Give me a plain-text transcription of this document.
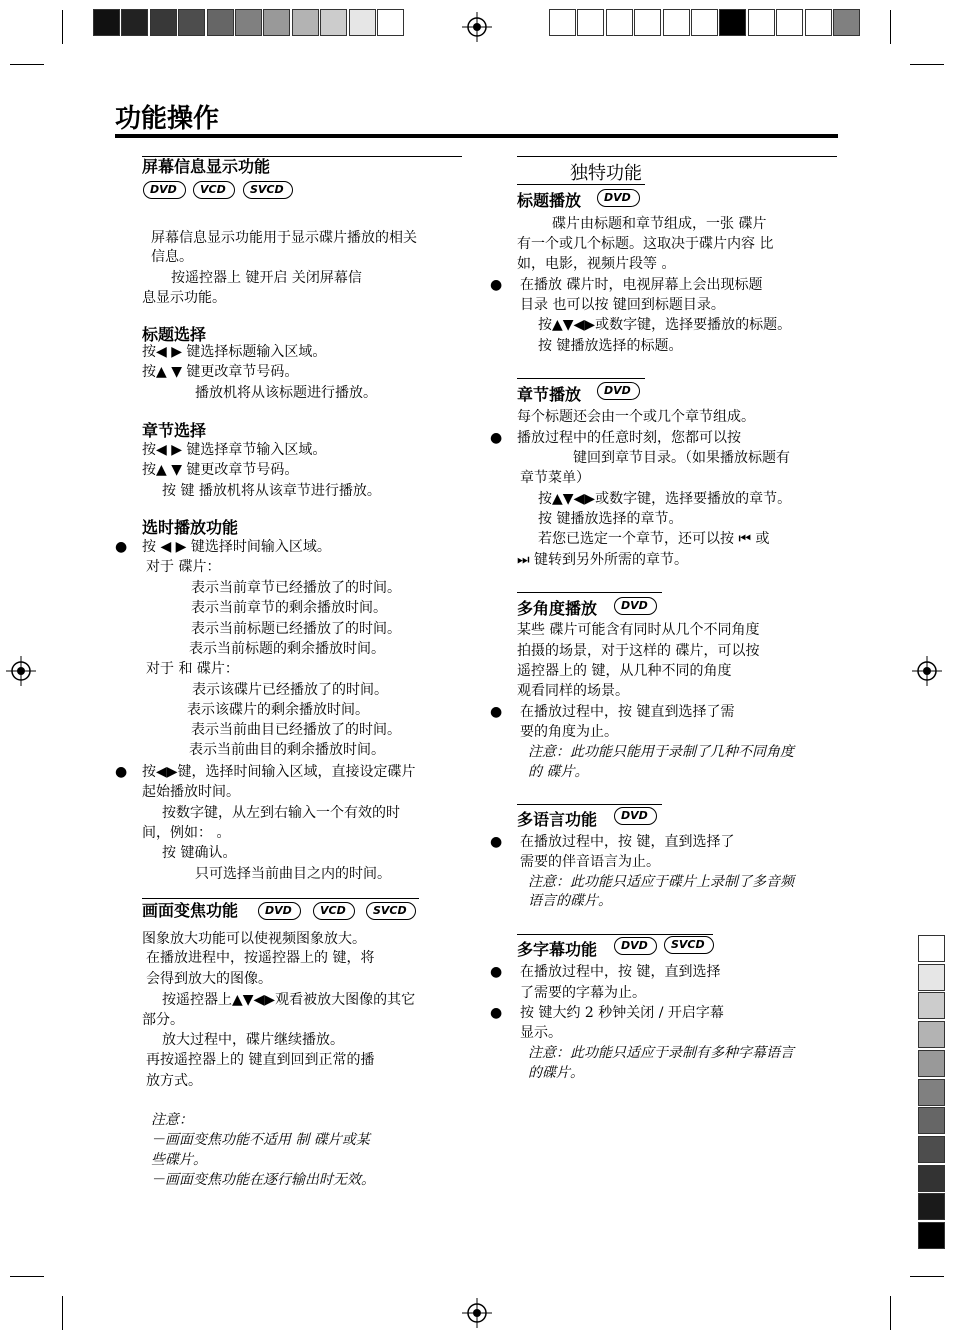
功能操作
屏幕信息显示功能
DVD	VCD	SVCD
屏幕信息显示功能用于显示碟片播放的相关
信息。
按遥控器上 键开启 关闭屏幕信
息显示功能。
标题选择
按◀ ▶ 键选择标题输入区域。
按▲ ▼ 键更改章节号码。
播放机将从该标题进行播放。
章节选择
按◀ ▶ 键选择章节输入区域。
按▲ ▼ 键更改章节号码。
按 键 播放机将从该章节进行播放。
选时播放功能
● 按 ◀ ▶ 键选择时间输入区域。
对于 碟片：
表示当前章节已经播放了的时间。
表示当前章节的剩余播放时间。
表示当前标题已经播放了的时间。
表示当前标题的剩余播放时间。
对于 和 碟片：
表示该碟片已经播放了的时间。
表示该碟片的剩余播放时间。
表示当前曲目已经播放了的时间。
表示当前曲目的剩余播放时间。
● 按◀▶键，选择时间输入区域，直接设定碟片
起始播放时间。
按数字键，从左到右输入一个有效的时
间，例如： 。
按 键确认。
只可选择当前曲目之内的时间。
画面变焦功能	DVD	VCD	SVCD
图象放大功能可以使视频图象放大。
在播放进程中，按遥控器上的 键，将
会得到放大的图像。
按遥控器上▲▼◀▶观看被放大图像的其它
部分。
放大过程中，碟片继续播放。
再按遥控器上的 键直到回到正常的播
放方式。
注意：
－画面变焦功能不适用 制 碟片或某
些碟片。
－画面变焦功能在逐行输出时无效。
独特功能
标题播放	DVD
碟片由标题和章节组成，一张 碟片
有一个或几个标题。这取决于碟片内容 比
如，电影，视频片段等 。
● 在播放 碟片时，电视屏幕上会出现标题
目录 也可以按 键回到标题目录。
按▲▼◀▶或数字键，选择要播放的标题。
按 键播放选择的标题。
章节播放	DVD
每个标题还会由一个或几个章节组成。
● 播放过程中的任意时刻，您都可以按
键回到章节目录。（如果播放标题有
章节菜单）
按▲▼◀▶或数字键，选择要播放的章节。
按 键播放选择的章节。
若您已选定一个章节，还可以按 ⏮ 或
⏭ 键转到另外所需的章节。
多角度播放	DVD
某些 碟片可能含有同时从几个不同角度
拍摄的场景，对于这样的 碟片，可以按
遥控器上的 键，从几种不同的角度
观看同样的场景。
● 在播放过程中，按 键直到选择了需
要的角度为止。
注意：此功能只能用于录制了几种不同角度
的 碟片。
多语言功能	DVD
● 在播放过程中，按 键，直到选择了
需要的伴音语言为止。
注意：此功能只适应于碟片上录制了多音频
语言的碟片。
多字幕功能	DVD	SVCD
● 在播放过程中，按 键，直到选择
了需要的字幕为止。
● 按 键大约 2 秒钟关闭 / 开启字幕
显示。
注意：此功能只适应于录制有多种字幕语言
的碟片。
